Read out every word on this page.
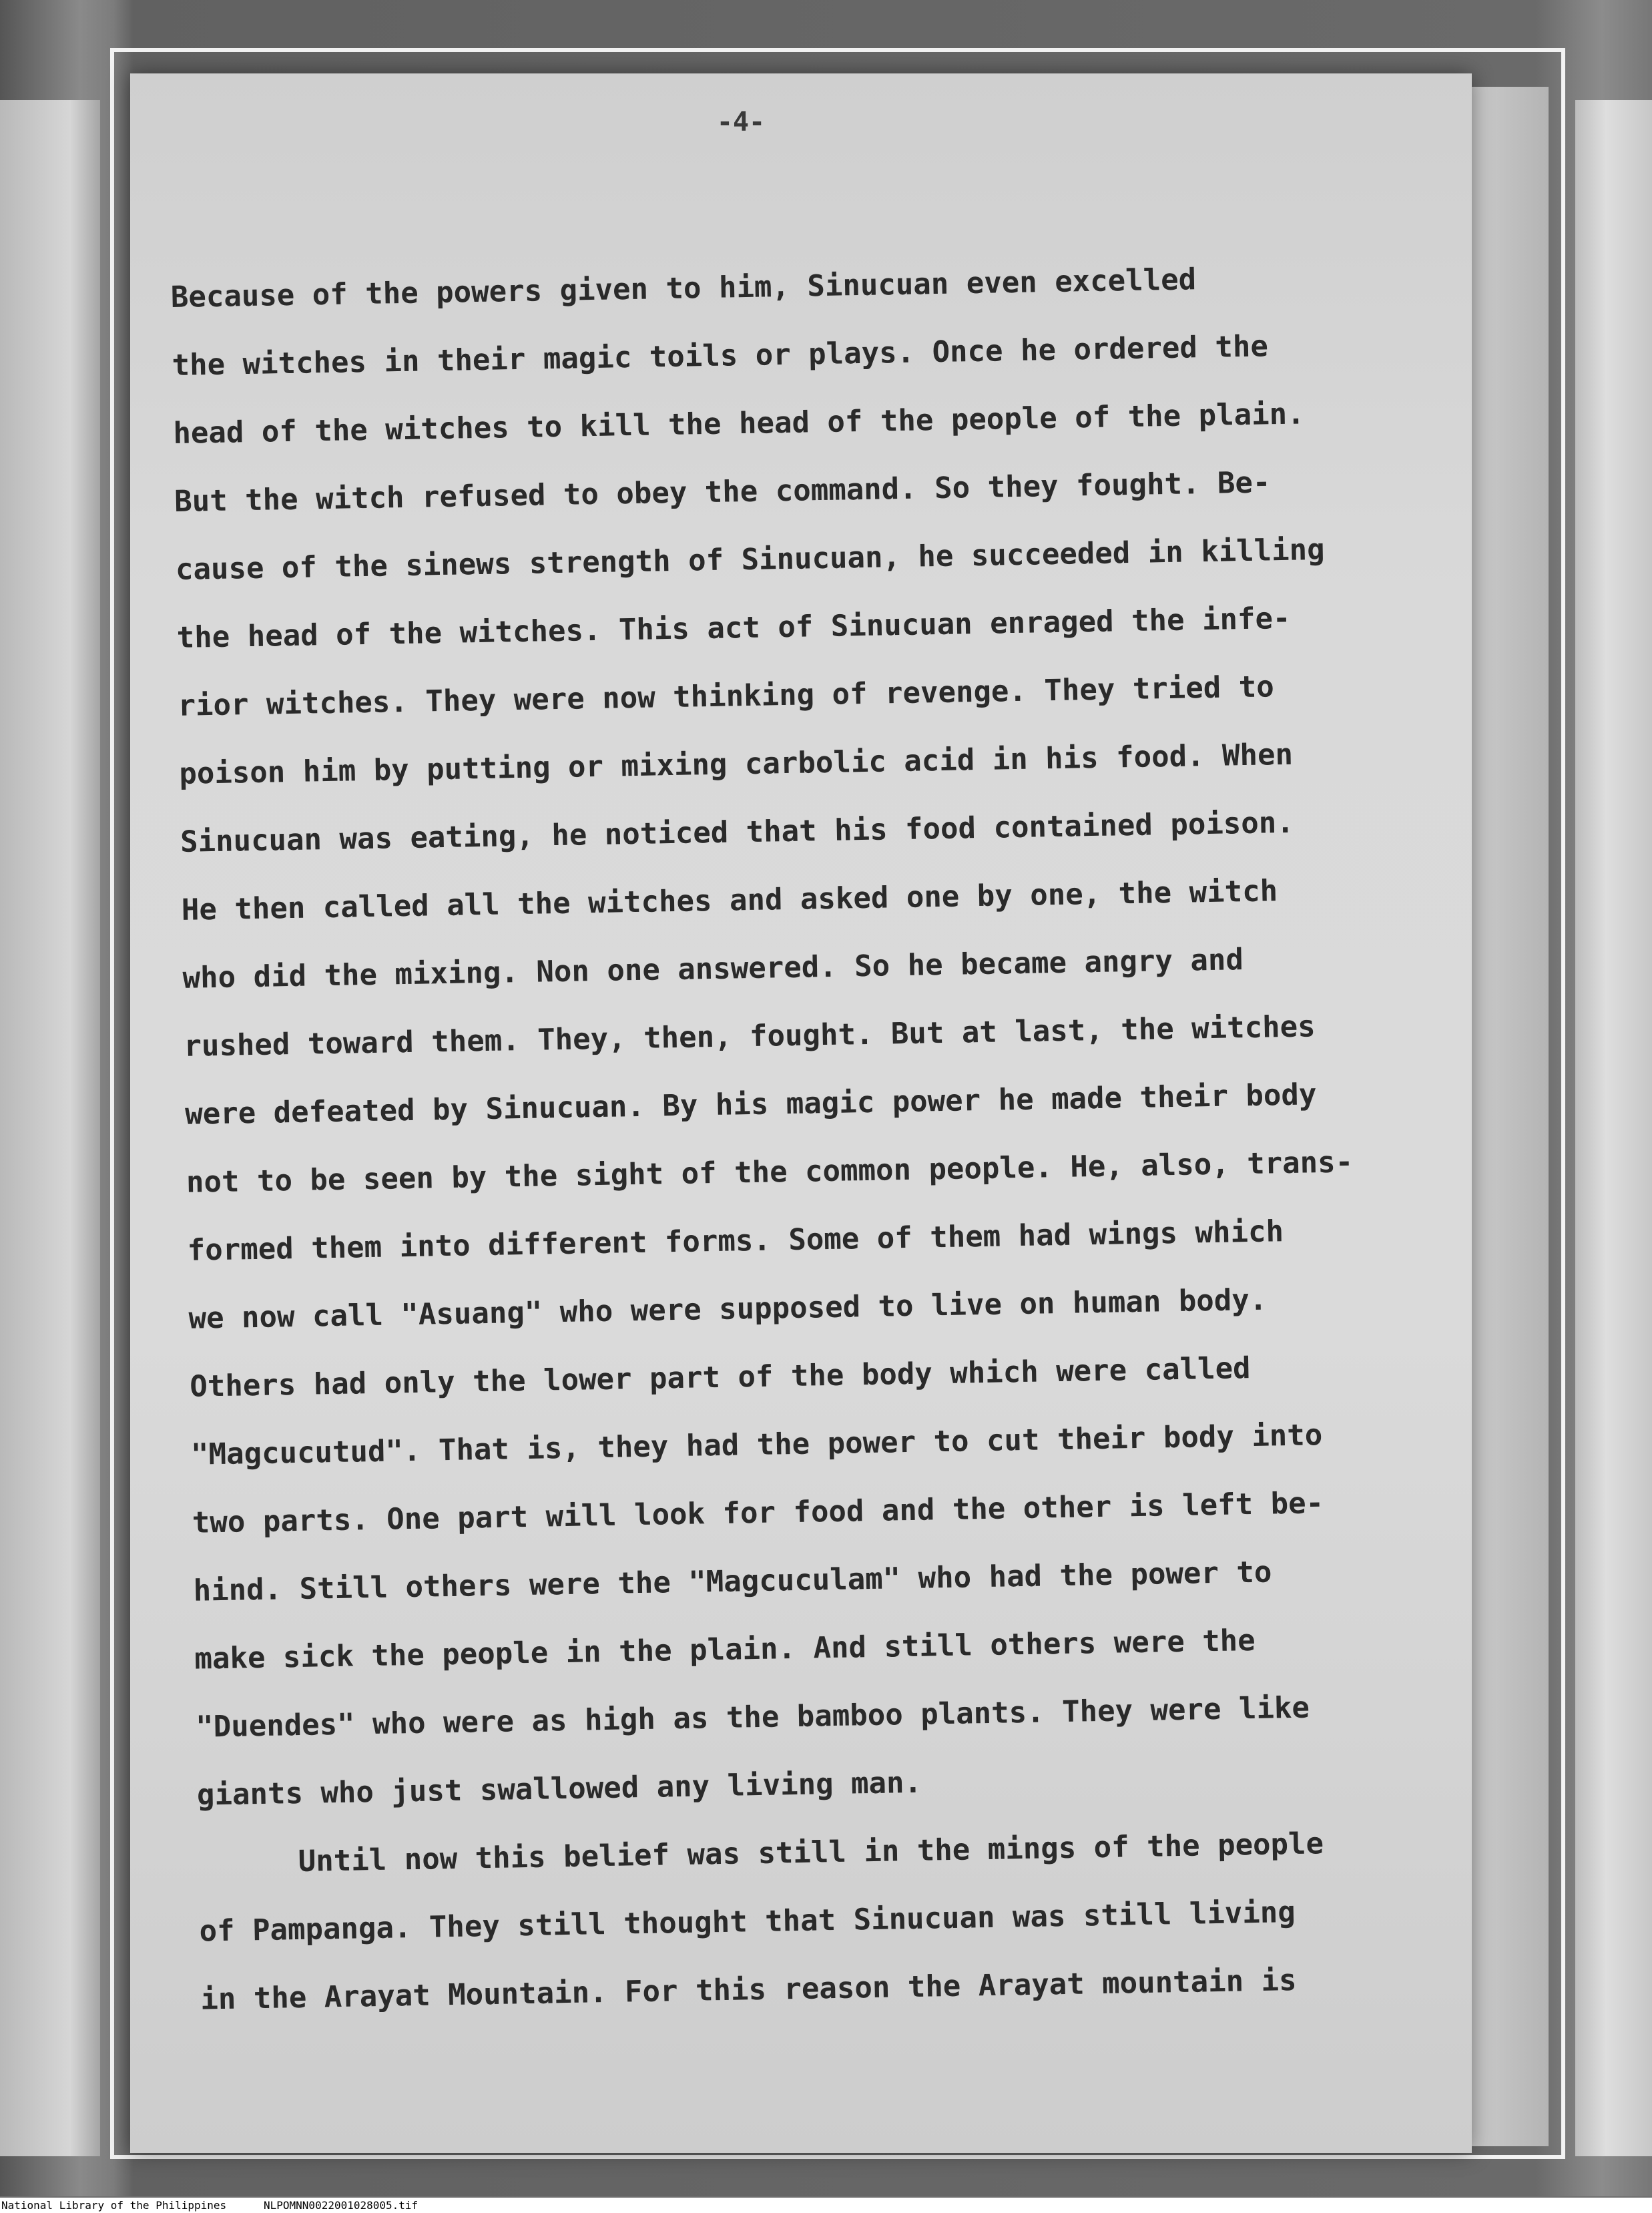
-4-
Because of the powers given to him, Sinucuan even excelled
the witches in their magic toils or plays. Once he ordered the
head of the witches to kill the head of the people of the plain.
But the witch refused to obey the command. So they fought. Be-
cause of the sinews strength of Sinucuan, he succeeded in killing
the head of the witches. This act of Sinucuan enraged the infe-
rior witches. They were now thinking of revenge. They tried to
poison him by putting or mixing carbolic acid in his food. When
Sinucuan was eating, he noticed that his food contained poison.
He then called all the witches and asked one by one, the witch
who did the mixing. Non one answered. So he became angry and
rushed toward them. They, then, fought. But at last, the witches
were defeated by Sinucuan. By his magic power he made their body
not to be seen by the sight of the common people. He, also, trans-
formed them into different forms. Some of them had wings which
we now call "Asuang" who were supposed to live on human body.
Others had only the lower part of the body which were called
"Magcucutud". That is, they had the power to cut their body into
two parts. One part will look for food and the other is left be-
hind. Still others were the "Magcuculam" who had the power to
make sick the people in the plain. And still others were the
"Duendes" who were as high as the bamboo plants. They were like
giants who just swallowed any living man.
Until now this belief was still in the mings of the people
of Pampanga. They still thought that Sinucuan was still living
in the Arayat Mountain. For this reason the Arayat mountain is
National Library of the Philippines	NLPOMNN0022001028005.tif
